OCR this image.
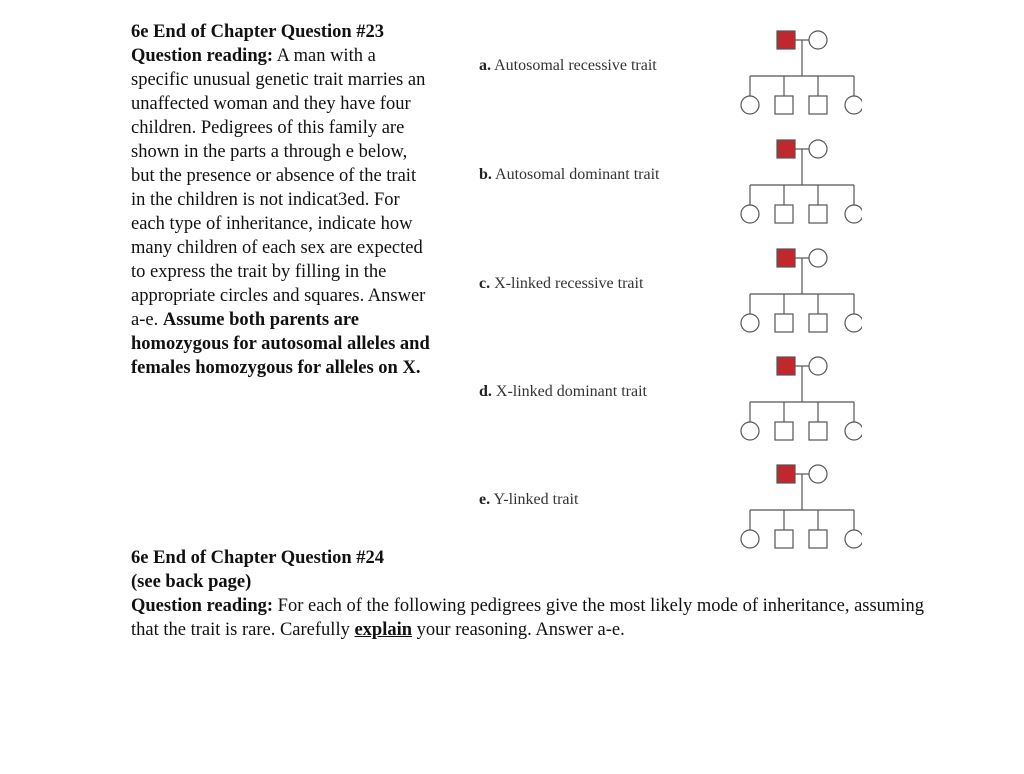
6e End of Chapter Question #23
Question reading: A man with a specific unusual genetic trait marries an unaffected woman and they have four children. Pedigrees of this family are shown in the parts a through e below, but the presence or absence of the trait in the children is not indicat3ed. For each type of inheritance, indicate how many children of each sex are expected to express the trait by filling in the appropriate circles and squares. Answer a-e. Assume both parents are homozygous for autosomal alleles and females homozygous for alleles on X.
a. Autosomal recessive trait
b. Autosomal dominant trait
c. X-linked recessive trait
d. X-linked dominant trait
e. Y-linked trait
6e End of Chapter Question #24
(see back page)
Question reading: For each of the following pedigrees give the most likely mode of inheritance, assuming that the trait is rare. Carefully explain your reasoning. Answer a-e.
